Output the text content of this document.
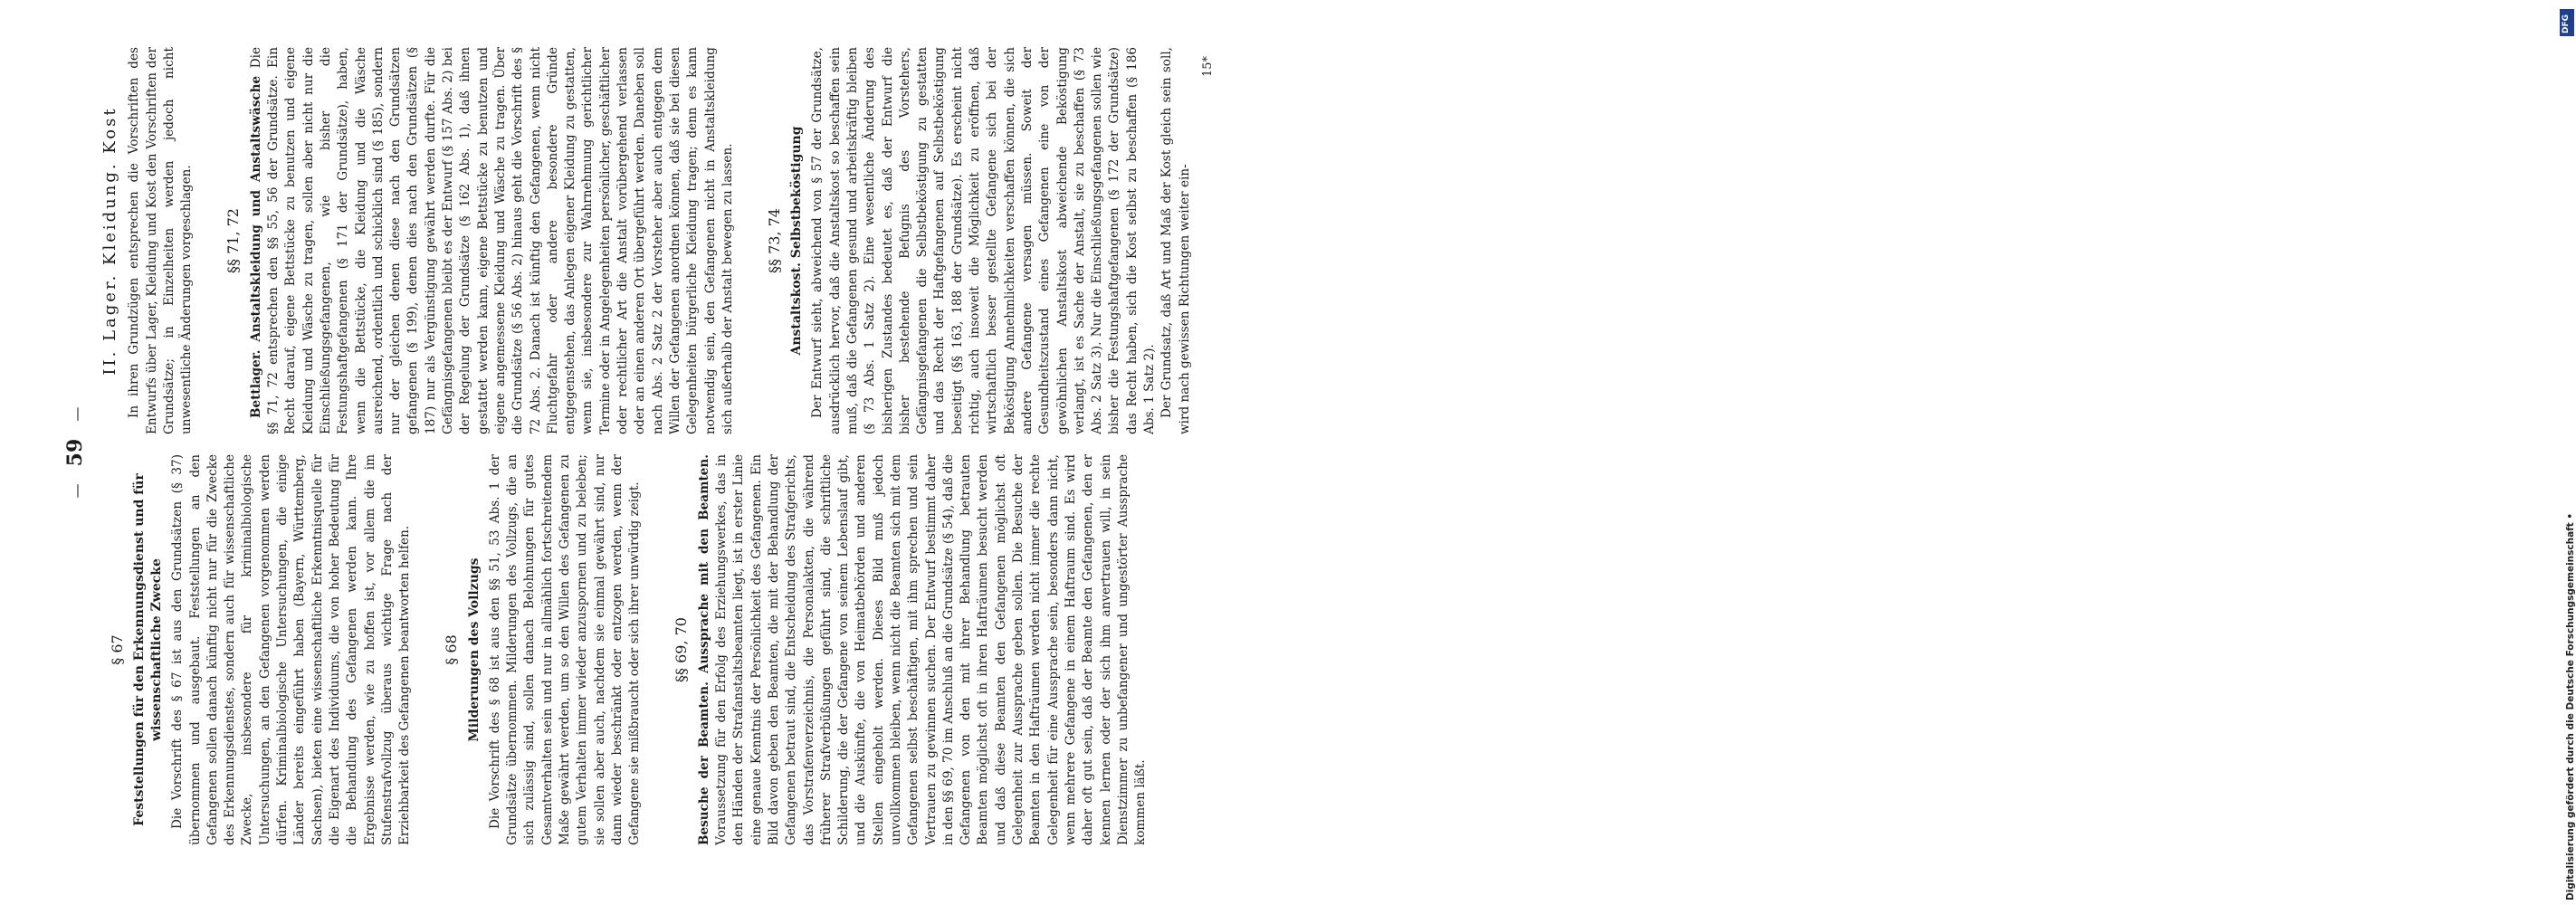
— 59 —
§ 67 Feststellungen für den Erkennungsdienst und für wissenschaftliche Zwecke Die Vorschrift des § 67 ist aus den Grundsätzen (§ 37) übernommen und ausgebaut. Feststellungen an den Gefangenen sollen danach künftig nicht nur für die Zwecke des Erkennungsdienstes, sondern auch für wissenschaftliche Zwecke, insbesondere für kriminalbiologische Untersuchungen, an den Gefangenen vorgenommen werden dürfen. Kriminalbiologische Untersuchungen, die einige Länder bereits eingeführt haben (Bayern, Württemberg, Sachsen), bieten eine wissenschaftliche Erkenntnisquelle für die Eigenart des Individuums, die von hoher Bedeutung für die Behandlung des Gefangenen werden kann. Ihre Ergebnisse werden, wie zu hoffen ist, vor allem die im Stufenstrafvollzug überaus wichtige Frage nach der Erziehbarkeit des Gefangenen beantworten helfen. § 68 Milderungen des Vollzugs Die Vorschrift des § 68 ist aus den §§ 51, 53 Abs. 1 der Grundsätze übernommen. Milderungen des Vollzugs, die an sich zulässig sind, sollen danach Belohnungen für gutes Gesamtverhalten sein und nur in allmählich fortschreitendem Maße gewährt werden, um so den Willen des Gefangenen zu gutem Verhalten immer wieder anzuspornen und zu beleben; sie sollen aber auch, nachdem sie einmal gewährt sind, nur dann wieder beschränkt oder entzogen werden, wenn der Gefangene sie mißbraucht oder sich ihrer unwürdig zeigt. §§ 69, 70 Besuche der Beamten. Aussprache mit den Beamten. Voraussetzung für den Erfolg des Erziehungswerkes, das in den Händen der Strafanstaltsbeamten liegt, ist in erster Linie eine genaue Kenntnis der Persönlichkeit des Gefangenen. Ein Bild davon geben den Beamten, die mit der Behandlung der Gefangenen betraut sind, die Entscheidung des Strafgerichts, das Vorstrafenverzeichnis, die Personalakten, die während früherer Strafverbüßungen geführt sind, die schriftliche Schilderung, die der Gefangene von seinem Lebenslauf gibt, und die Auskünfte, die von Heimatbehörden und anderen Stellen eingeholt werden. Dieses Bild muß jedoch unvollkommen bleiben, wenn nicht die Beamten sich mit dem Gefangenen selbst beschäftigen, mit ihm sprechen und sein Vertrauen zu gewinnen suchen. Der Entwurf bestimmt daher in den §§ 69, 70 im Anschluß an die Grundsätze (§ 54), daß die Gefangenen von den mit ihrer Behandlung betrauten Beamten möglichst oft in ihren Hafträumen besucht werden und daß diese Beamten den Gefangenen möglichst oft Gelegenheit zur Aussprache geben sollen. Die Besuche der Beamten in den Hafträumen werden nicht immer die rechte Gelegenheit für eine Aussprache sein, besonders dann nicht, wenn mehrere Gefangene in einem Haftraum sind. Es wird daher oft gut sein, daß der Beamte den Gefangenen, den er kennen lernen oder der sich ihm anvertrauen will, in sein Dienstzimmer zu unbefangener und ungestörter Aussprache kommen läßt.

II. Lager. Kleidung. Kost In ihren Grundzügen entsprechen die Vorschriften des Entwurfs über Lager, Kleidung und Kost den Vorschriften der Grundsätze; in Einzelheiten werden jedoch nicht unwesentliche Änderungen vorgeschlagen. §§ 71, 72 Bettlager. Anstaltskleidung und Anstaltswäsche Die §§ 71, 72 entsprechen den §§ 55, 56 der Grundsätze. Ein Recht darauf, eigene Bettstücke zu benutzen und eigene Kleidung und Wäsche zu tragen, sollen aber nicht nur die Einschließungsgefangenen, wie bisher die Festungshaftgefangenen (§ 171 der Grundsätze), haben, wenn die Bettstücke, die Kleidung und die Wäsche ausreichend, ordentlich und schicklich sind (§ 185), sondern nur der gleichen denen diese nach den Grundsätzen gefangenen (§ 199), denen dies nach den Grundsätzen (§ 187) nur als Vergünstigung gewährt werden durfte. Für die Gefängnisgefangenen bleibt es der Entwurf (§ 157 Abs. 2) bei der Regelung der Grundsätze (§ 162 Abs. 1), daß ihnen gestattet werden kann, eigene Bettstücke zu benutzen und eigene angemessene Kleidung und Wäsche zu tragen. Über die Grundsätze (§ 56 Abs. 2) hinaus geht die Vorschrift des § 72 Abs. 2. Danach ist künftig den Gefangenen, wenn nicht Fluchtgefahr oder andere besondere Gründe entgegenstehen, das Anlegen eigener Kleidung zu gestatten, wenn sie, insbesondere zur Wahrnehmung gerichtlicher Termine oder in Angelegenheiten persönlicher, geschäftlicher oder rechtlicher Art die Anstalt vorübergehend verlassen oder an einen anderen Ort übergeführt werden. Daneben soll nach Abs. 2 Satz 2 der Vorsteher aber auch entgegen dem Willen der Gefangenen anordnen können, daß sie bei diesen Gelegenheiten bürgerliche Kleidung tragen; denn es kann notwendig sein, den Gefangenen nicht in Anstaltskleidung sich außerhalb der Anstalt bewegen zu lassen. §§ 73, 74 Anstaltskost. Selbstbeköstigung Der Entwurf sieht, abweichend von § 57 der Grundsätze, ausdrücklich hervor, daß die Anstaltskost so beschaffen sein muß, daß die Gefangenen gesund und arbeitskräftig bleiben (§ 73 Abs. 1 Satz 2). Eine wesentliche Änderung des bisherigen Zustandes bedeutet es, daß der Entwurf die bisher bestehende Befugnis des Vorstehers, Gefängnisgefangenen die Selbstbeköstigung zu gestatten und das Recht der Haftgefangenen auf Selbstbeköstigung beseitigt (§§ 163, 188 der Grundsätze). Es erscheint nicht richtig, auch insoweit die Möglichkeit zu eröffnen, daß wirtschaftlich besser gestellte Gefangene sich bei der Beköstigung Annehmlichkeiten verschaffen können, die sich andere Gefangene versagen müssen. Soweit der Gesundheitszustand eines Gefangenen eine von der gewöhnlichen Anstaltskost abweichende Beköstigung verlangt, ist es Sache der Anstalt, sie zu beschaffen (§ 73 Abs. 2 Satz 3). Nur die Einschließungsgefangenen sollen wie bisher die Festungshaftgefangenen (§ 172 der Grundsätze) das Recht haben, sich die Kost selbst zu beschaffen (§ 186 Abs. 1 Satz 2). Der Grundsatz, daß Art und Maß der Kost gleich sein soll, wird nach gewissen Richtungen weiter ein-

15*
Digitalisierung gefördert durch die Deutsche Forschungsgemeinschaft •
DFG
